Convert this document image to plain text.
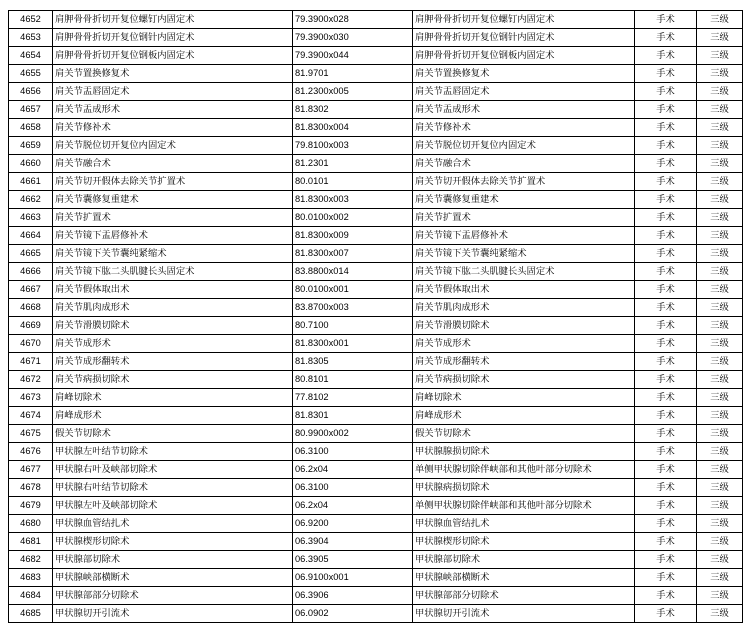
4652	肩胛骨骨折切开复位螺钉内固定术	79.3900x028	肩胛骨骨折切开复位螺钉内固定术	手术	三级
4653	肩胛骨骨折切开复位钢针内固定术	79.3900x030	肩胛骨骨折切开复位钢针内固定术	手术	三级
4654	肩胛骨骨折切开复位钢板内固定术	79.3900x044	肩胛骨骨折切开复位钢板内固定术	手术	三级
4655	肩关节置换修复术	81.9701	肩关节置换修复术	手术	三级
4656	肩关节盂唇固定术	81.2300x005	肩关节盂唇固定术	手术	三级
4657	肩关节盂成形术	81.8302	肩关节盂成形术	手术	三级
4658	肩关节修补术	81.8300x004	肩关节修补术	手术	三级
4659	肩关节脱位切开复位内固定术	79.8100x003	肩关节脱位切开复位内固定术	手术	三级
4660	肩关节融合术	81.2301	肩关节融合术	手术	三级
4661	肩关节切开假体去除关节扩置术	80.0101	肩关节切开假体去除关节扩置术	手术	三级
4662	肩关节囊修复重建术	81.8300x003	肩关节囊修复重建术	手术	三级
4663	肩关节扩置术	80.0100x002	肩关节扩置术	手术	三级
4664	肩关节镜下盂唇修补术	81.8300x009	肩关节镜下盂唇修补术	手术	三级
4665	肩关节镜下关节囊纯紧缩术	81.8300x007	肩关节镜下关节囊纯紧缩术	手术	三级
4666	肩关节镜下肱二头肌腱长头固定术	83.8800x014	肩关节镜下肱二头肌腱长头固定术	手术	三级
4667	肩关节假体取出术	80.0100x001	肩关节假体取出术	手术	三级
4668	肩关节肌肉成形术	83.8700x003	肩关节肌肉成形术	手术	三级
4669	肩关节滑膜切除术	80.7100	肩关节滑膜切除术	手术	三级
4670	肩关节成形术	81.8300x001	肩关节成形术	手术	三级
4671	肩关节成形翻转术	81.8305	肩关节成形翻转术	手术	三级
4672	肩关节病损切除术	80.8101	肩关节病损切除术	手术	三级
4673	肩峰切除术	77.8102	肩峰切除术	手术	三级
4674	肩峰成形术	81.8301	肩峰成形术	手术	三级
4675	假关节切除术	80.9900x002	假关节切除术	手术	三级
4676	甲状腺左叶结节切除术	06.3100	甲状腺腺损切除术	手术	三级
4677	甲状腺右叶及峡部切除术	06.2x04	单侧甲状腺切除伴峡部和其他叶部分切除术	手术	三级
4678	甲状腺右叶结节切除术	06.3100	甲状腺病损切除术	手术	三级
4679	甲状腺左叶及峡部切除术	06.2x04	单侧甲状腺切除伴峡部和其他叶部分切除术	手术	三级
4680	甲状腺血管结扎术	06.9200	甲状腺血管结扎术	手术	三级
4681	甲状腺楔形切除术	06.3904	甲状腺楔形切除术	手术	三级
4682	甲状腺部切除术	06.3905	甲状腺部切除术	手术	三级
4683	甲状腺峡部横断术	06.9100x001	甲状腺峡部横断术	手术	三级
4684	甲状腺部部分切除术	06.3906	甲状腺部部分切除术	手术	三级
4685	甲状腺切开引流术	06.0902	甲状腺切开引流术	手术	三级
